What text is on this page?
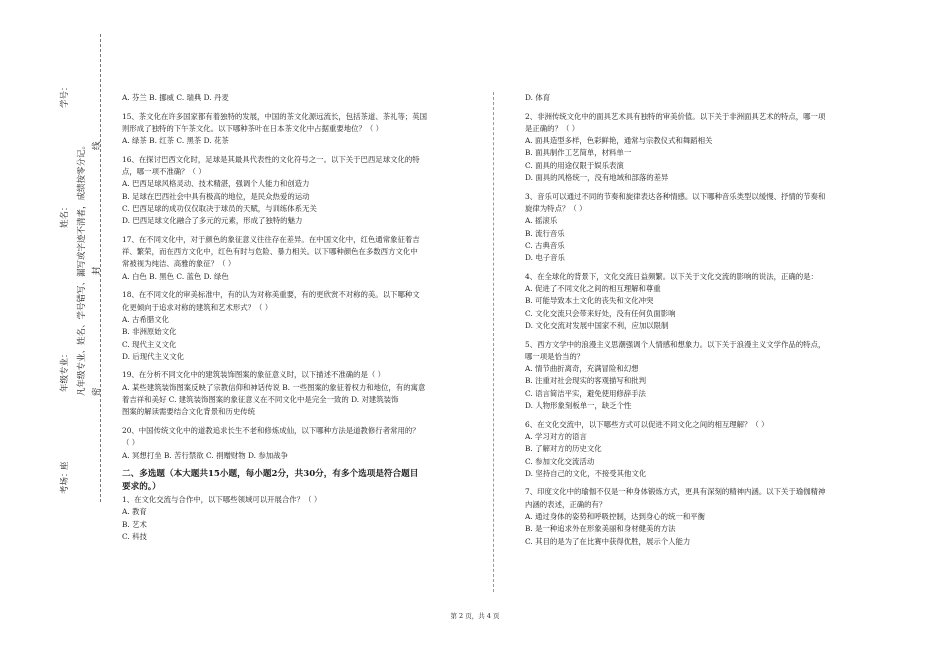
学号：
姓名：
年级专业：
考场：
凡年级专业、姓名、学号错写、漏写或字迹不清者，成绩按零分记。 密
封
线
座
A. 芬兰 B. 挪威 C. 瑞典 D. 丹麦
15、茶文化在许多国家都有着独特的发展，中国的茶文化源远流长，包括茶道、茶礼等；英国
则形成了独特的下午茶文化。以下哪种茶叶在日本茶文化中占据重要地位？（ ）
A. 绿茶 B. 红茶 C. 黑茶 D. 花茶
16、在探讨巴西文化时，足球是其最具代表性的文化符号之一。以下关于巴西足球文化的特
点，哪一项不准确？（ ）
A. 巴西足球风格灵动、技术精湛，强调个人能力和创造力
B. 足球在巴西社会中具有极高的地位，是民众热爱的运动
C. 巴西足球的成功仅仅取决于球员的天赋，与训练体系无关
D. 巴西足球文化融合了多元的元素，形成了独特的魅力
17、在不同文化中，对于颜色的象征意义往往存在差异。在中国文化中，红色通常象征着吉
祥、繁荣，而在西方文化中，红色有时与危险、暴力相关。以下哪种颜色在多数西方文化中
常被视为纯洁、高雅的象征？（ ）
A. 白色 B. 黑色 C. 蓝色 D. 绿色
18、在不同文化的审美标准中，有的认为对称美重要，有的更欣赏不对称的美。以下哪种文
化更倾向于追求对称的建筑和艺术形式？（ ）
A. 古希腊文化
B. 非洲原始文化
C. 现代主义文化
D. 后现代主义文化
19、在分析不同文化中的建筑装饰图案的象征意义时，以下描述不准确的是（ ）
A. 某些建筑装饰图案反映了宗教信仰和神话传说 B. 一些图案的象征着权力和地位，有的寓意
着吉祥和美好 C. 建筑装饰图案的象征意义在不同文化中是完全一致的 D. 对建筑装饰
图案的解读需要结合文化背景和历史传统
20、中国传统文化中的道教追求长生不老和修炼成仙，以下哪种方法是道教修行者常用的？
（ ）
A. 冥想打坐 B. 苦行禁欲 C. 捐赠财物 D. 参加战争
二、多选题（本大题共15小题，每小题2分，共30分，有多个选项是符合题目
要求的。）
1、在文化交流与合作中，以下哪些领域可以开展合作？（ ）
A. 教育
B. 艺术
C. 科技
D. 体育
2、非洲传统文化中的面具艺术具有独特的审美价值。以下关于非洲面具艺术的特点，哪一项
是正确的？（ ）
A. 面具造型多样，色彩鲜艳，通常与宗教仪式和舞蹈相关
B. 面具制作工艺简单，材料单一
C. 面具的用途仅限于娱乐表演
D. 面具的风格统一，没有地域和部落的差异
3、音乐可以通过不同的节奏和旋律表达各种情感。以下哪种音乐类型以缓慢、抒情的节奏和
旋律为特点？（ ）
A. 摇滚乐
B. 流行音乐
C. 古典音乐
D. 电子音乐
4、在全球化的背景下，文化交流日益频繁。以下关于文化交流的影响的说法，正确的是：
A. 促进了不同文化之间的相互理解和尊重
B. 可能导致本土文化的丧失和文化冲突
C. 文化交流只会带来好处，没有任何负面影响
D. 文化交流对发展中国家不利，应加以限制
5、西方文学中的浪漫主义思潮强调个人情感和想象力。以下关于浪漫主义文学作品的特点，
哪一项是恰当的？
A. 情节曲折离奇，充满冒险和幻想
B. 注重对社会现实的客观描写和批判
C. 语言简洁平实，避免使用修辞手法
D. 人物形象刻板单一，缺乏个性
6、在文化交流中，以下哪些方式可以促进不同文化之间的相互理解？（ ）
A. 学习对方的语言
B. 了解对方的历史文化
C. 参加文化交流活动
D. 坚持自己的文化，不接受其他文化
7、印度文化中的瑜伽不仅是一种身体锻炼方式，更具有深刻的精神内涵。以下关于瑜伽精神
内涵的表述，正确的有？
A. 通过身体的姿势和呼吸控制，达到身心的统一和平衡
B. 是一种追求外在形象美丽和身材健美的方法
C. 其目的是为了在比赛中获得优胜，展示个人能力
第 2 页，共 4 页
